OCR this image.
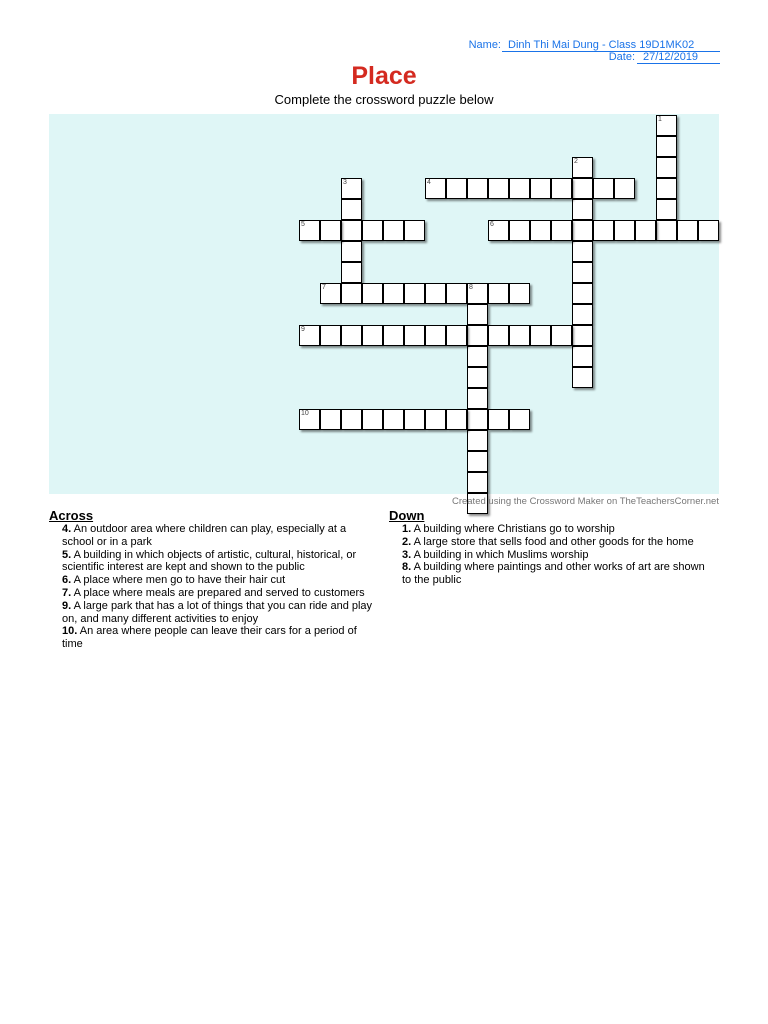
Name: Dinh Thi Mai Dung - Class 19D1MK02
Date: 27/12/2019
Place
Complete the crossword puzzle below
1
2
3	4
5	6
7	8
9
10
Created using the Crossword Maker on TheTeachersCorner.net
Across

4. An outdoor area where children can play, especially at a school or in a park

5. A building in which objects of artistic, cultural, historical, or scientific interest are kept and shown to the public

6. A place where men go to have their hair cut

7. A place where meals are prepared and served to customers

9. A large park that has a lot of things that you can ride and play on, and many different activities to enjoy

10. An area where people can leave their cars for a period of time

Down

1. A building where Christians go to worship

2. A large store that sells food and other goods for the home

3. A building in which Muslims worship

8. A building where paintings and other works of art are shown to the public
